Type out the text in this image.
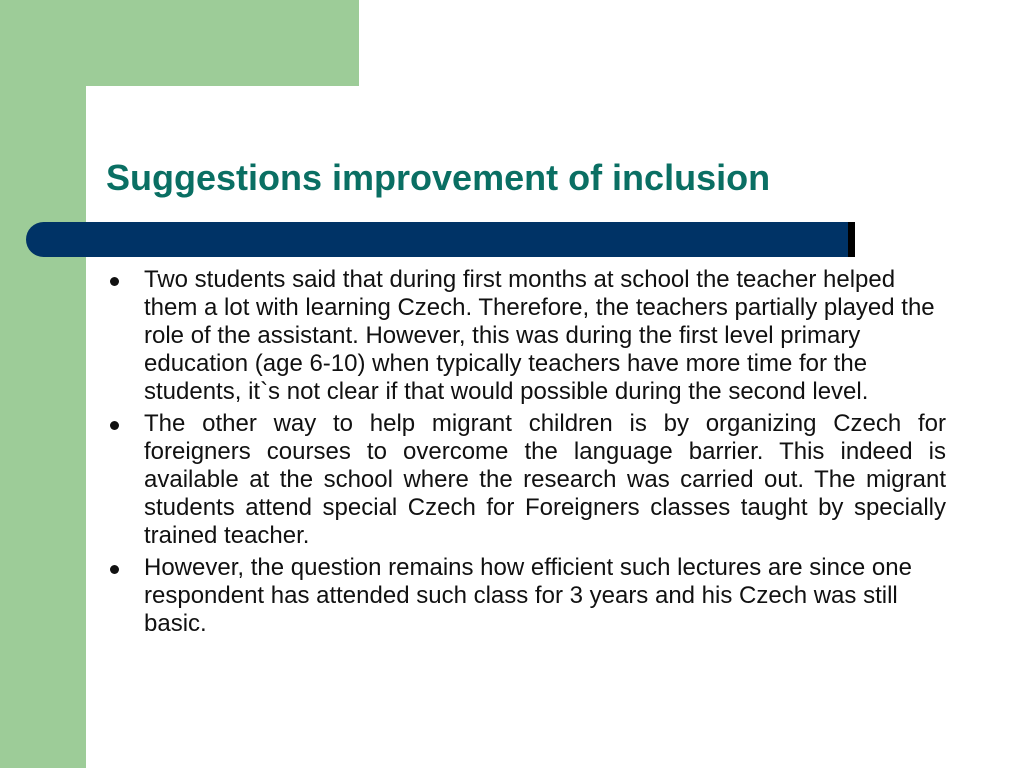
Suggestions improvement of inclusion
Two students said that during first months at school the teacher helped them a lot with learning Czech. Therefore, the teachers partially played the role of the assistant. However, this was during the first level primary education (age 6-10) when typically teachers have more time for the students, it`s not clear if that would possible during the second level.
The other way to help migrant children is by organizing Czech for foreigners courses to overcome the language barrier. This indeed is available at the school where the research was carried out. The migrant students attend special Czech for Foreigners classes taught by specially trained teacher.
However, the question remains how efficient such lectures are since one respondent has attended such class for 3 years and his Czech was still basic.
